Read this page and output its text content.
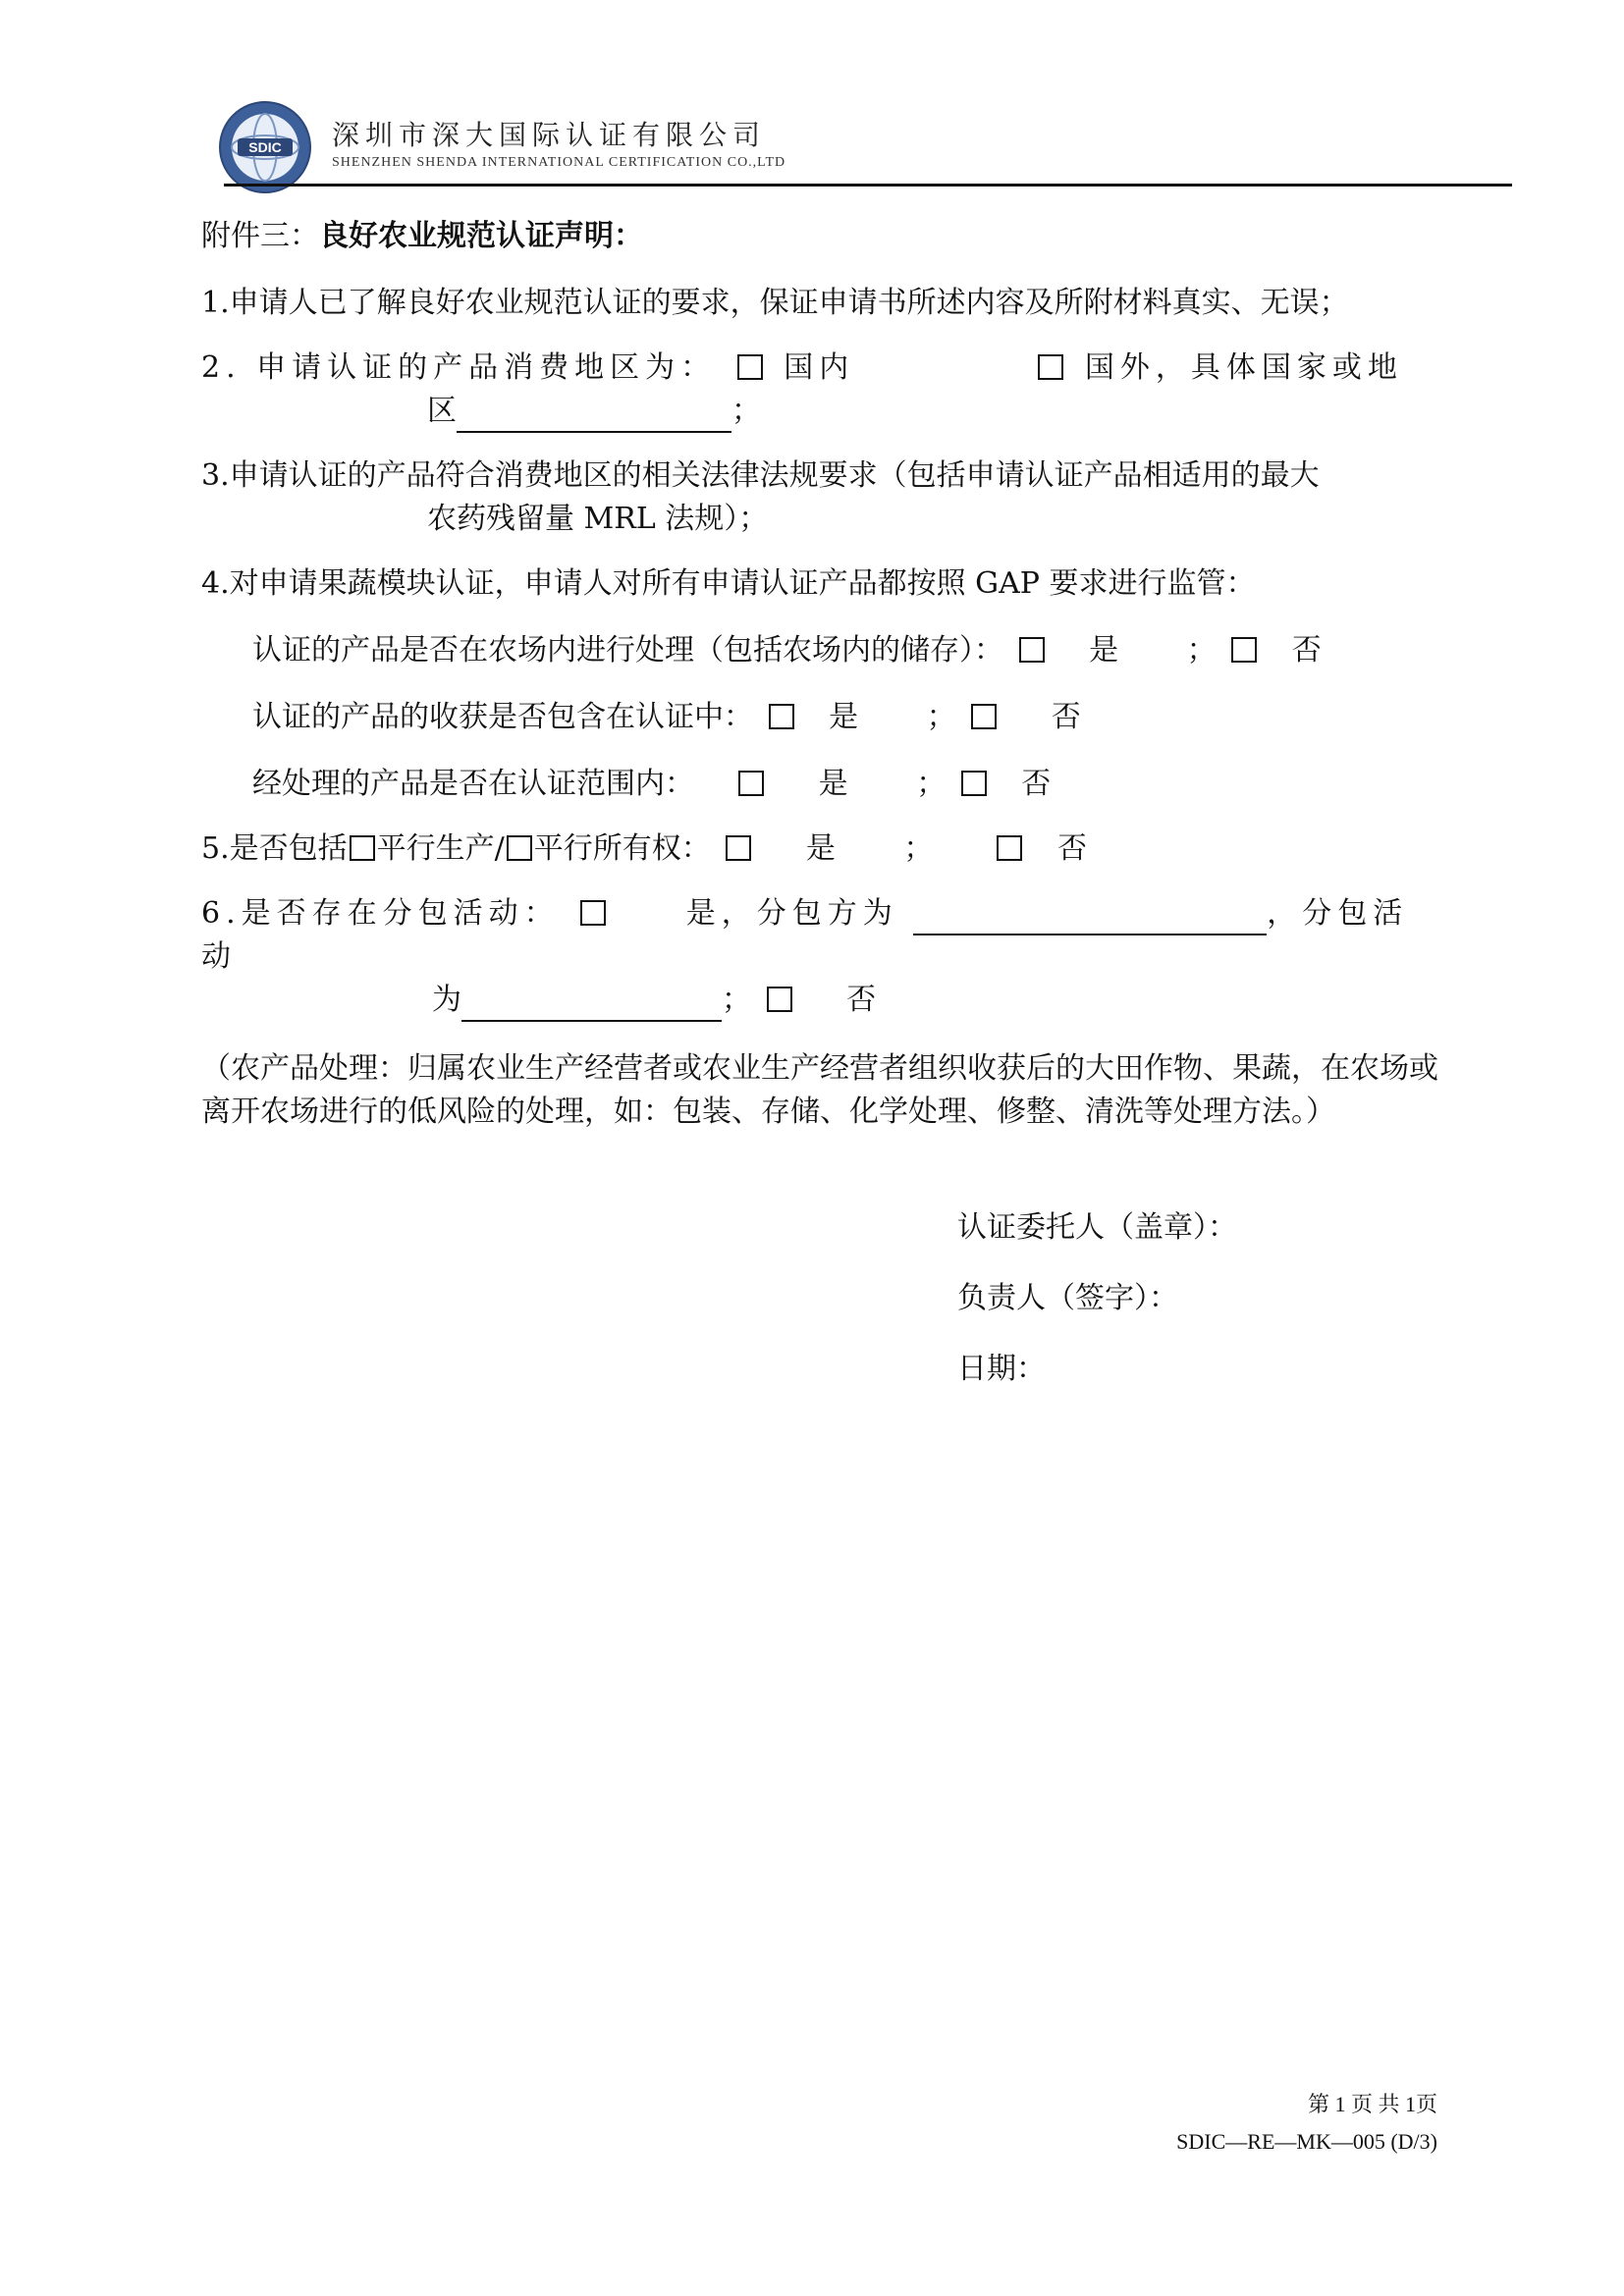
SDIC 深圳市深大国际认证有限公司
SHENZHEN SHENDA INTERNATIONAL CERTIFICATION CO.,LTD
附件三：良好农业规范认证声明：
1.申请人已了解良好农业规范认证的要求，保证申请书所述内容及所附材料真实、无误；
2. 申请认证的产品消费地区为： 国内	国外，具体国家或地
区	；
3.申请认证的产品符合消费地区的相关法律法规要求（包括申请认证产品相适用的最大
农药残留量 MRL 法规）；
4.对申请果蔬模块认证，申请人对所有申请认证产品都按照 GAP 要求进行监管：
认证的产品是否在农场内进行处理（包括农场内的储存）：	是 ；	否
认证的产品的收获是否包含在认证中：	是 ；	否
经处理的产品是否在认证范围内：	是 ；	否
5.是否包括 平行生产/ 平行所有权：	是 ；	否
6.是否存在分包活动：	是，分包方为	，分包活动
为	；	否
（农产品处理：归属农业生产经营者或农业生产经营者组织收获后的大田作物、果蔬，在农场或离开农场进行的低风险的处理，如：包装、存储、化学处理、修整、清洗等处理方法。）
认证委托人（盖章）：
负责人（签字）：
日期：
第 1 页 共 1页
SDIC—RE—MK—005 (D/3)
